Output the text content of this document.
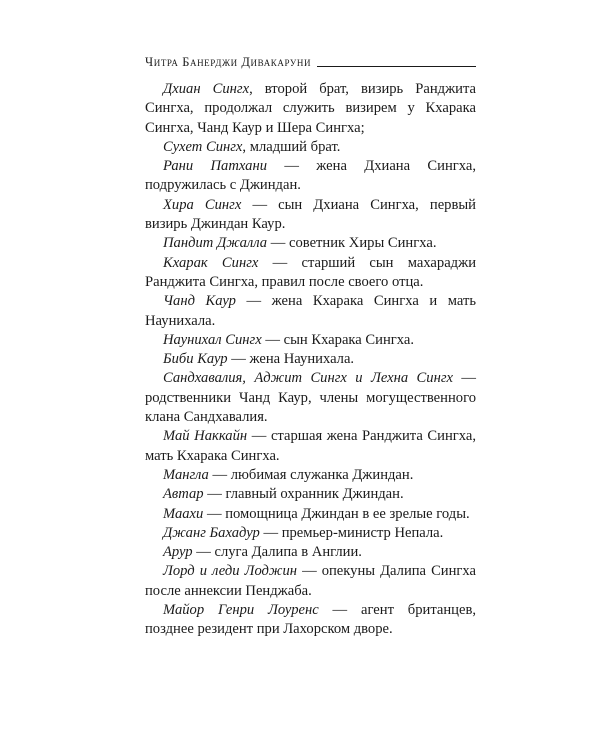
Читра Банерджи Дивакаруни

Дхиан Сингх, второй брат, визирь Ранджита Сингха, продолжал служить визирем у Кхарака Сингха, Чанд Каур и Шера Сингха;

Сухет Сингх, младший брат.

Рани Патхани — жена Дхиана Сингха, подружилась с Джиндан.

Хира Сингх — сын Дхиана Сингха, первый визирь Джиндан Каур.

Пандит Джалла — советник Хиры Сингха.

Кхарак Сингх — старший сын махараджи Ранджита Сингха, правил после своего отца.

Чанд Каур — жена Кхарака Сингха и мать Наунихала.

Наунихал Сингх — сын Кхарака Сингха.

Биби Каур — жена Наунихала.

Сандхавалия, Аджит Сингх и Лехна Сингх — родственники Чанд Каур, члены могущественного клана Сандхавалия.

Май Наккайн — старшая жена Ранджита Сингха, мать Кхарака Сингха.

Мангла — любимая служанка Джиндан.

Автар — главный охранник Джиндан.

Маахи — помощница Джиндан в ее зрелые годы.

Джанг Бахадур — премьер-министр Непала.

Арур — слуга Далипа в Англии.

Лорд и леди Лоджин — опекуны Далипа Сингха после аннексии Пенджаба.

Майор Генри Лоуренс — агент британцев, позднее резидент при Лахорском дворе.
